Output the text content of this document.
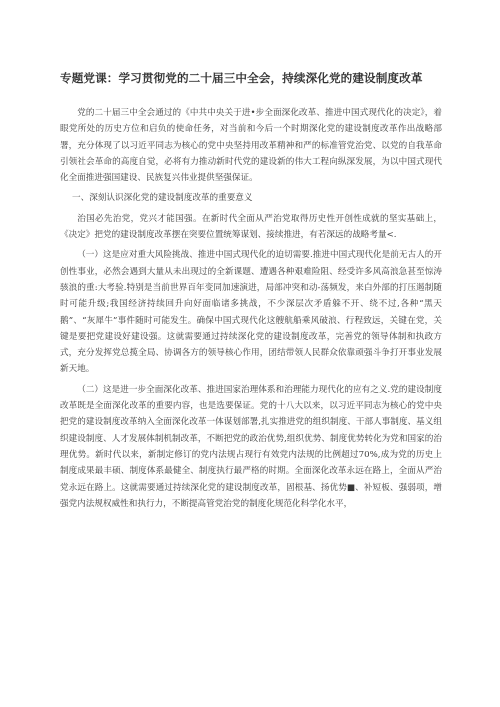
专题党课：学习贯彻党的二十届三中全会，持续深化党的建设制度改革

党的二十届三中全会通过的《中共中央关于进•步全面深化改革、推进中国式现代化的决定》，着眼党所处的历史方位和启负的使命任务，对当前和今后一个时期深化党的建设制度改革作出战略部署，充分体现了以习近平同志为核心的党中央坚持用改革精神和严的标准管党治党、以党的自我革命引领社会革命的高度自觉，必将有力推动新时代党的建设新的伟大工程向纵深发展，为以中国式现代化全面推进强国建设、民族复兴伟业提供坚强保证。

一、深刻认识深化党的建设制度改革的重要意义

治国必先治党，党兴才能国强。在新时代全面从严治党取得历史性开创性成就的坚实基础上，《决定》把党的建设制度改革摆在突要位置统筹谋划、接续推进，有若深远的战略考量<.

（一）这是应对重大风险挑战、推进中国式现代化的迫切需要.推进中国式现代化是前无古人的开创性事业，必然会遇到大量从未出现过的全新课题、遭遇各种艰难险阻、经受许多风高浪急甚至惊涛骇浪的重:大考验.特别是当前世界百年变同加速演进，局部冲突和动-荡频发，来白外部的打压遏制随时可能升级;我国经济持续回升向好面临诸多挑战，不少深层次矛盾躲不开、绕不过,各种“黑天鹅”、“灰犀牛”事件随时可能发生。确保中国式现代化这艘航船乘风破浪、行程致远，关键在党，关键是要把党建设好建设强。这就需要通过持续深化党的建设制度改革，完善党的领导体制和执政方式，充分发挥党总揽全局、协调各方的领导核心作用，团结带领人民群众依靠顽强斗争打开事业发展新天地。

（二）这是进一步全面深化改革、推进国家治理体系和治理能力现代化的应有之义.党的建设制度改革既是全面深化改革的重要内容，也是选要保证。党的十八大以来，以习近平同志为核心的党中央把党的建设制度改革纳入全面深化改革一体谋划部署,扎实推进党的组织制度、干部人事制度、基义组织建设制度、人才发展体制机制改革，不断把党的政治优势,组织优势、制度优势转化为党和国家的治理优势。新时代以来，新制定修订的党内法规占现行有效党内法规的比例超过70%,成为党的历史上制度成果最丰硕、制度体系最健全、制度执行最严格的时期。全面深化改革永远在路上，全面从严治党永远在路上。这就需要通过持续深化党的建设制度改革，固根基、扬优势■、补短板、强弱项，增强党内法规权威性和执行力，不断提高管党治党的制度化规范化科学化水平，
